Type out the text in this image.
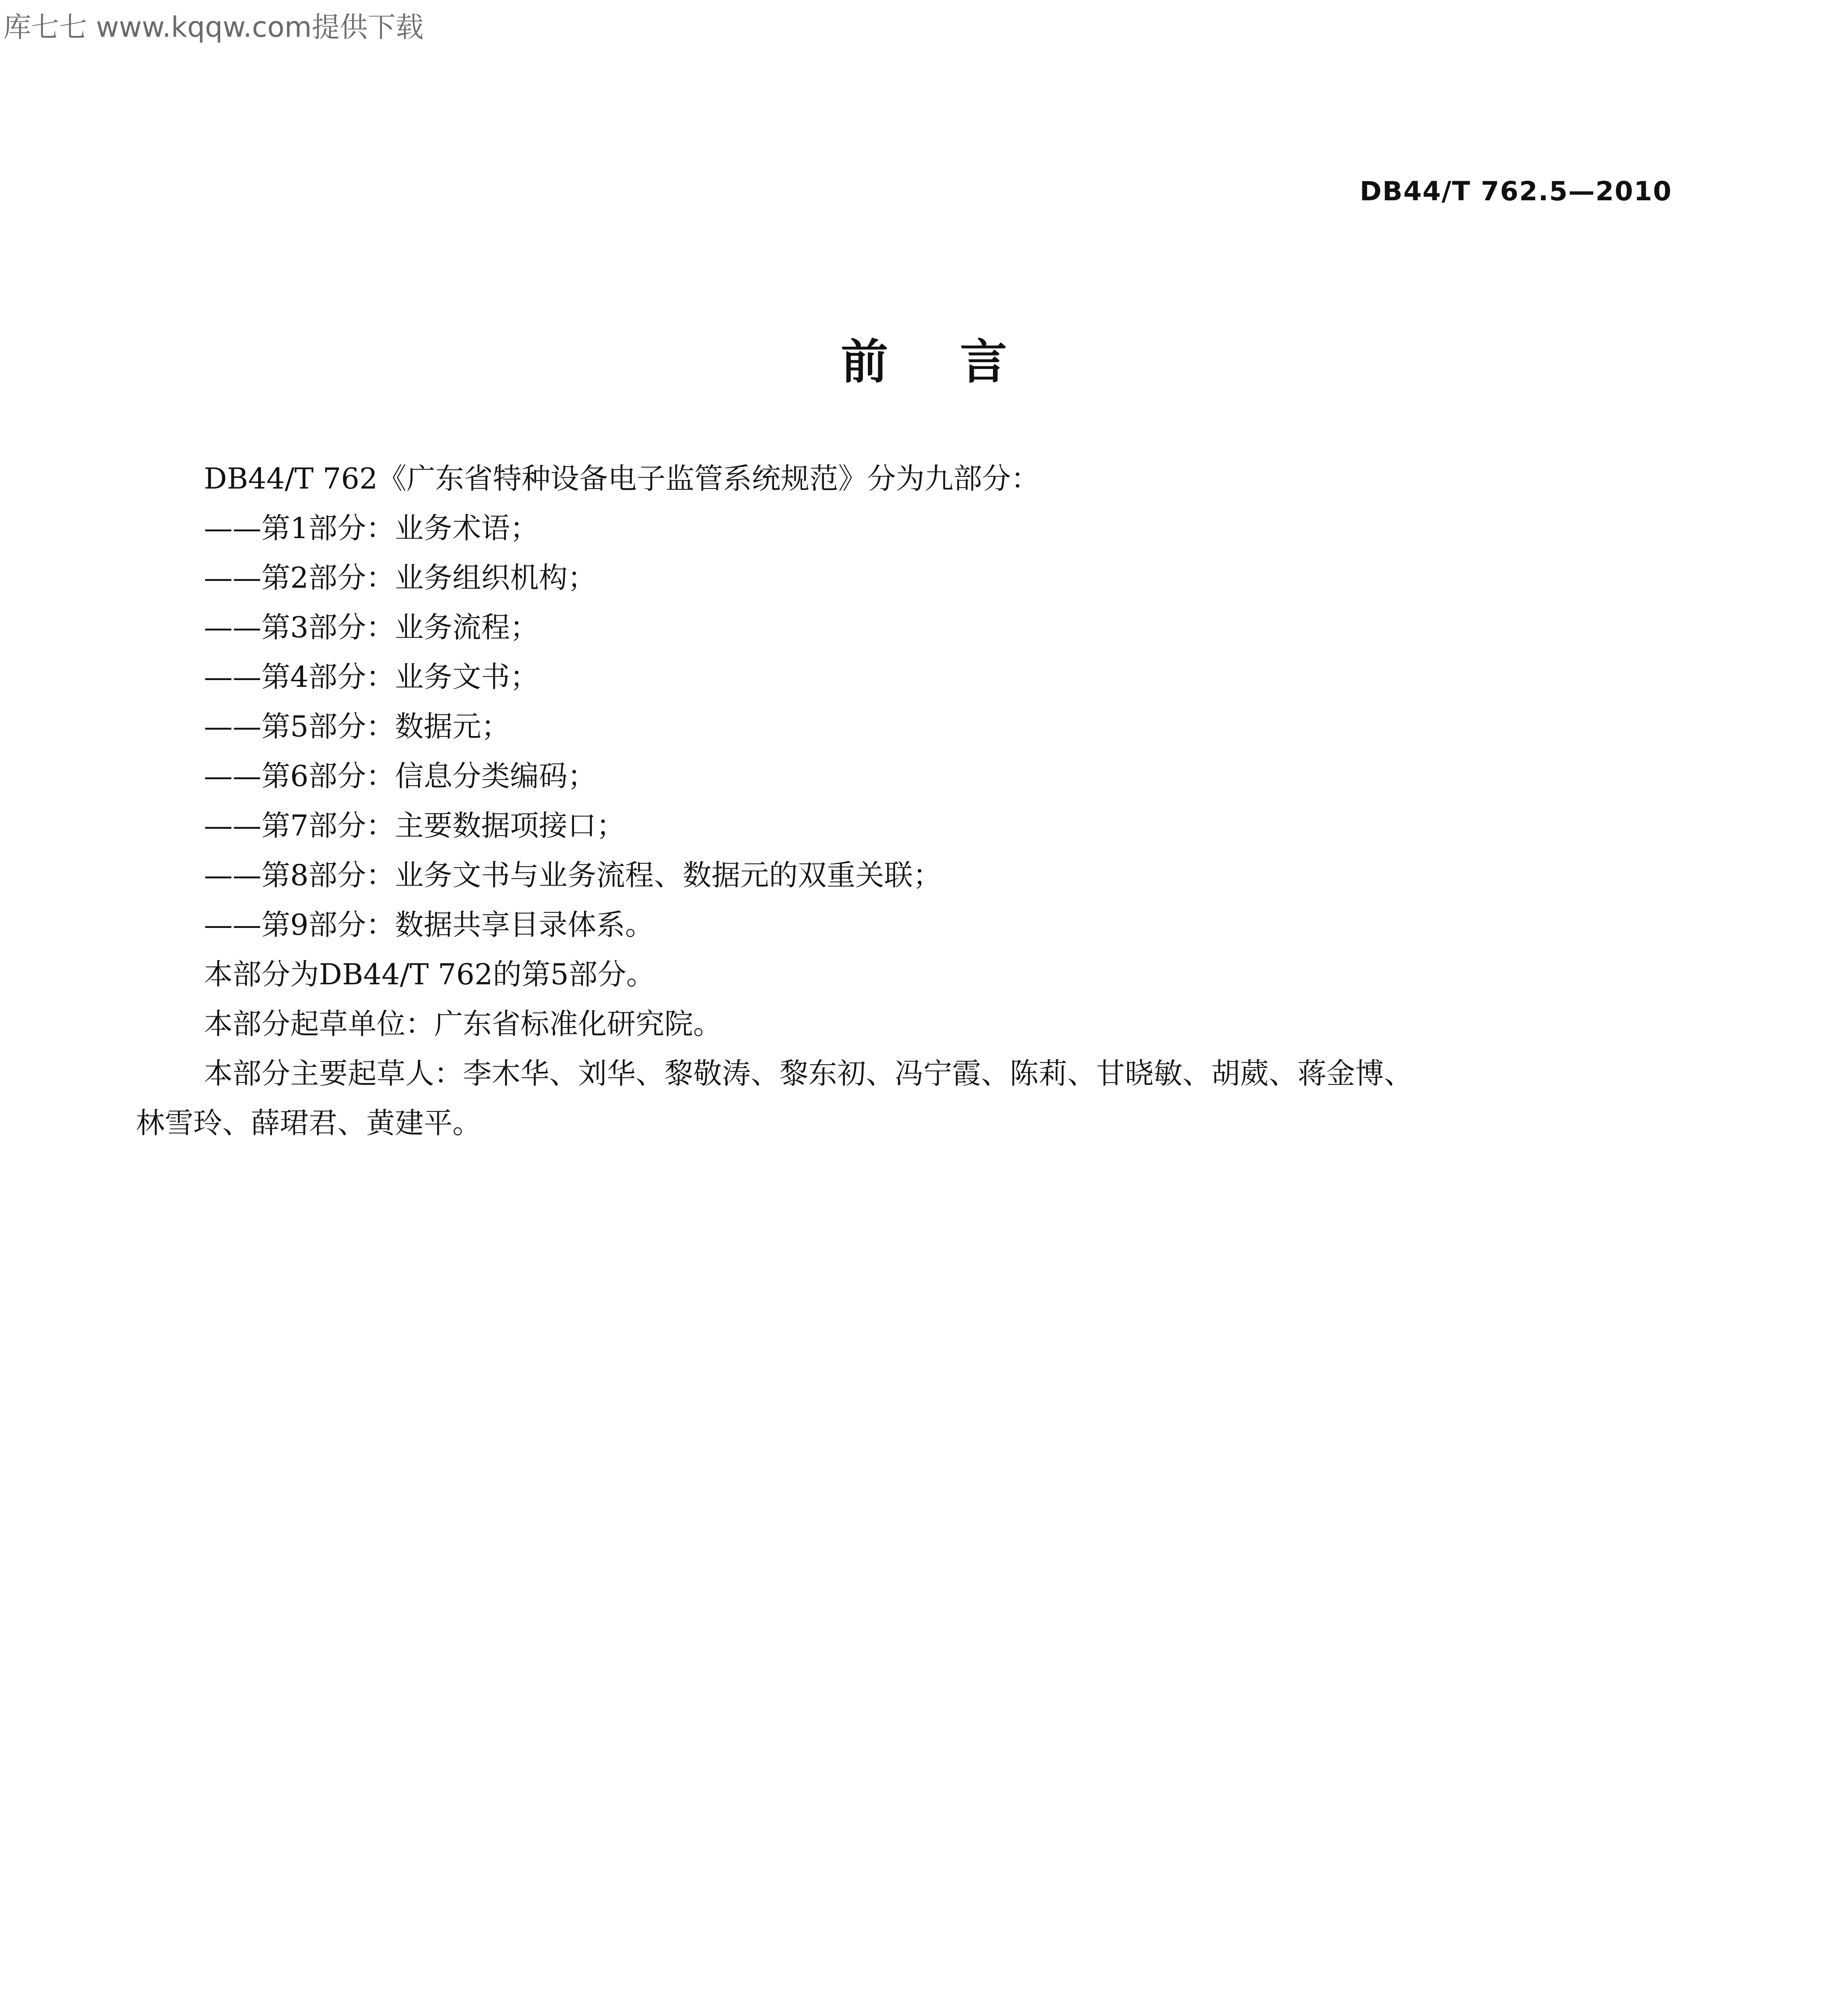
库七七 www.kqqw.com提供下载
DB44/T 762.5—2010
前言
DB44/T 762《广东省特种设备电子监管系统规范》分为九部分：
——第1部分：业务术语；
——第2部分：业务组织机构；
——第3部分：业务流程；
——第4部分：业务文书；
——第5部分：数据元；
——第6部分：信息分类编码；
——第7部分：主要数据项接口；
——第8部分：业务文书与业务流程、数据元的双重关联；
——第9部分：数据共享目录体系。
本部分为DB44/T 762的第5部分。
本部分起草单位：广东省标准化研究院。
本部分主要起草人：李木华、刘华、黎敬涛、黎东初、冯宁霞、陈莉、甘晓敏、胡葳、蒋金博、
林雪玲、薛珺君、黄建平。
